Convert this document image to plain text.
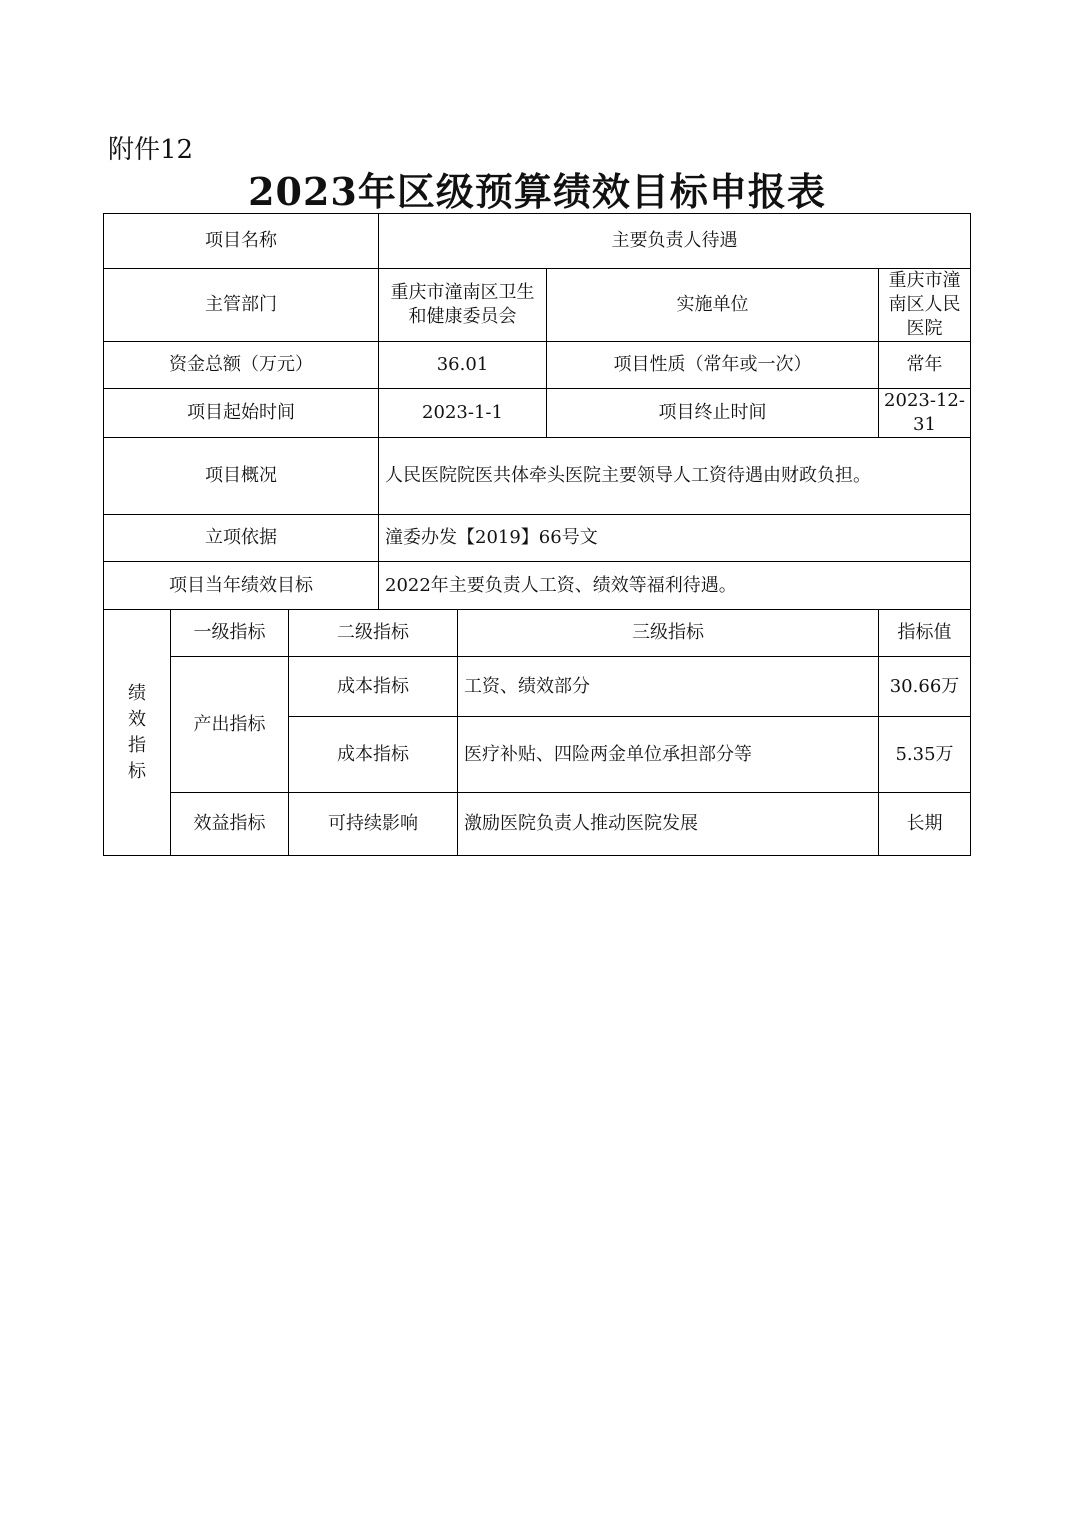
附件12
2023年区级预算绩效目标申报表
项目名称			主要负责人待遇			
主管部门			重庆市潼南区卫生和健康委员会		实施单位	重庆市潼南区人民医院
资金总额（万元）			36.01		项目性质（常年或一次）	常年
项目起始时间			2023-1-1		项目终止时间	2023-12-31
项目概况			人民医院院医共体牵头医院主要领导人工资待遇由财政负担。			
立项依据			潼委办发【2019】66号文			
项目当年绩效目标			2022年主要负责人工资、绩效等福利待遇。			
绩效指标	一级指标	二级指标		三级指标		指标值
	产出指标	成本指标		工资、绩效部分		30.66万
		成本指标		医疗补贴、四险两金单位承担部分等		5.35万
	效益指标	可持续影响		激励医院负责人推动医院发展		长期
